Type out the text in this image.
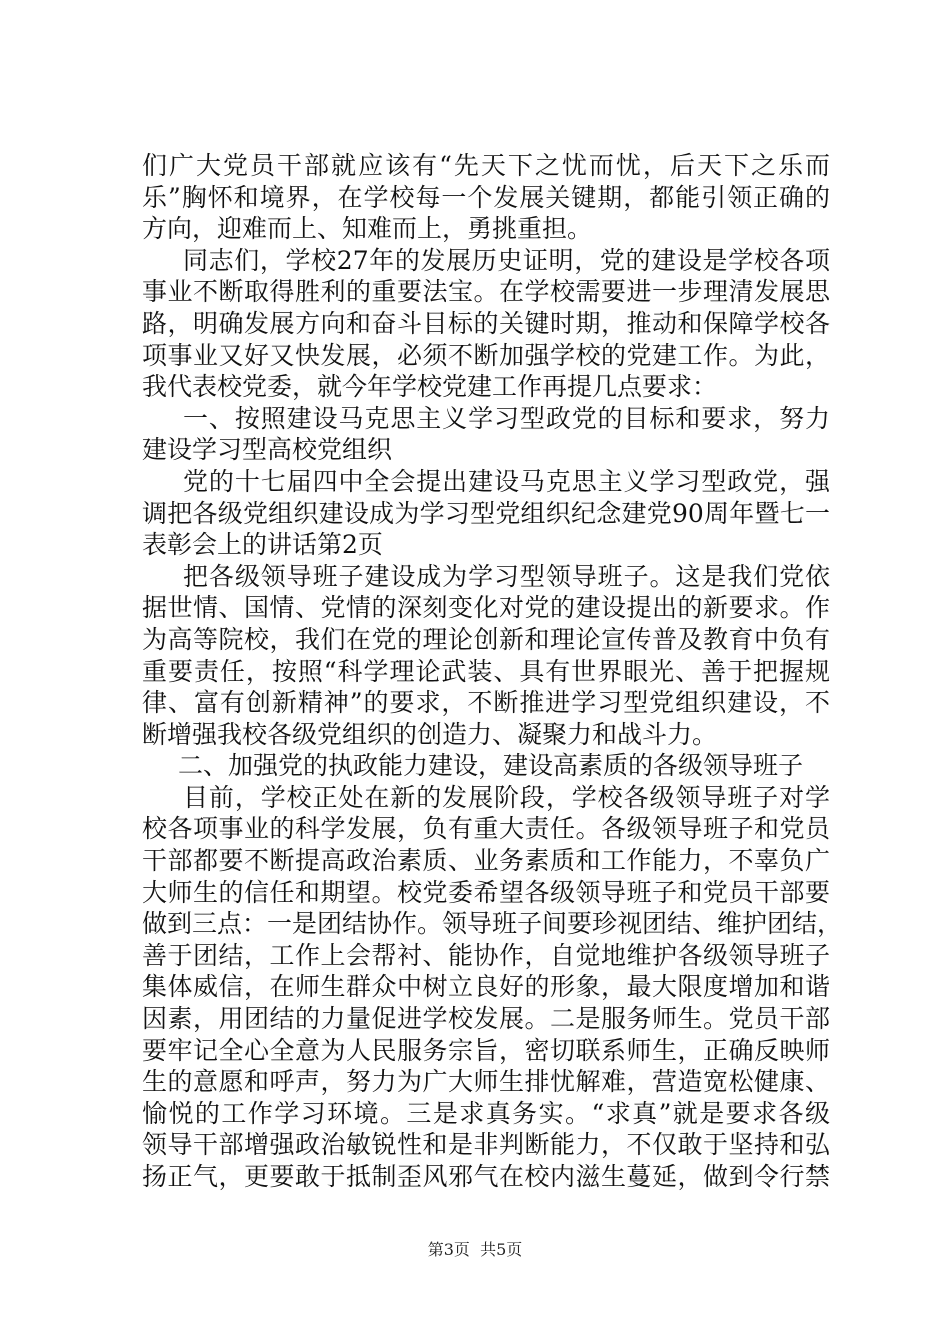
们广大党员干部就应该有“先天下之忧而忧，后天下之乐而
乐”胸怀和境界，在学校每一个发展关键期，都能引领正确的
方向，迎难而上、知难而上，勇挑重担。
同志们，学校27年的发展历史证明，党的建设是学校各项
事业不断取得胜利的重要法宝。在学校需要进一步理清发展思
路，明确发展方向和奋斗目标的关键时期，推动和保障学校各
项事业又好又快发展，必须不断加强学校的党建工作。为此，
我代表校党委，就今年学校党建工作再提几点要求：
一、按照建设马克思主义学习型政党的目标和要求，努力
建设学习型高校党组织
党的十七届四中全会提出建设马克思主义学习型政党，强
调把各级党组织建设成为学习型党组织纪念建党90周年暨七一
表彰会上的讲话第2页
把各级领导班子建设成为学习型领导班子。这是我们党依
据世情、国情、党情的深刻变化对党的建设提出的新要求。作
为高等院校，我们在党的理论创新和理论宣传普及教育中负有
重要责任，按照“科学理论武装、具有世界眼光、善于把握规
律、富有创新精神”的要求，不断推进学习型党组织建设，不
断增强我校各级党组织的创造力、凝聚力和战斗力。
二、加强党的执政能力建设，建设高素质的各级领导班子
目前，学校正处在新的发展阶段，学校各级领导班子对学
校各项事业的科学发展，负有重大责任。各级领导班子和党员
干部都要不断提高政治素质、业务素质和工作能力，不辜负广
大师生的信任和期望。校党委希望各级领导班子和党员干部要
做到三点：一是团结协作。领导班子间要珍视团结、维护团结，
善于团结，工作上会帮衬、能协作，自觉地维护各级领导班子
集体威信，在师生群众中树立良好的形象，最大限度增加和谐
因素，用团结的力量促进学校发展。二是服务师生。党员干部
要牢记全心全意为人民服务宗旨，密切联系师生，正确反映师
生的意愿和呼声，努力为广大师生排忧解难，营造宽松健康、
愉悦的工作学习环境。三是求真务实。“求真”就是要求各级
领导干部增强政治敏锐性和是非判断能力，不仅敢于坚持和弘
扬正气，更要敢于抵制歪风邪气在校内滋生蔓延，做到令行禁
第3页  共5页
